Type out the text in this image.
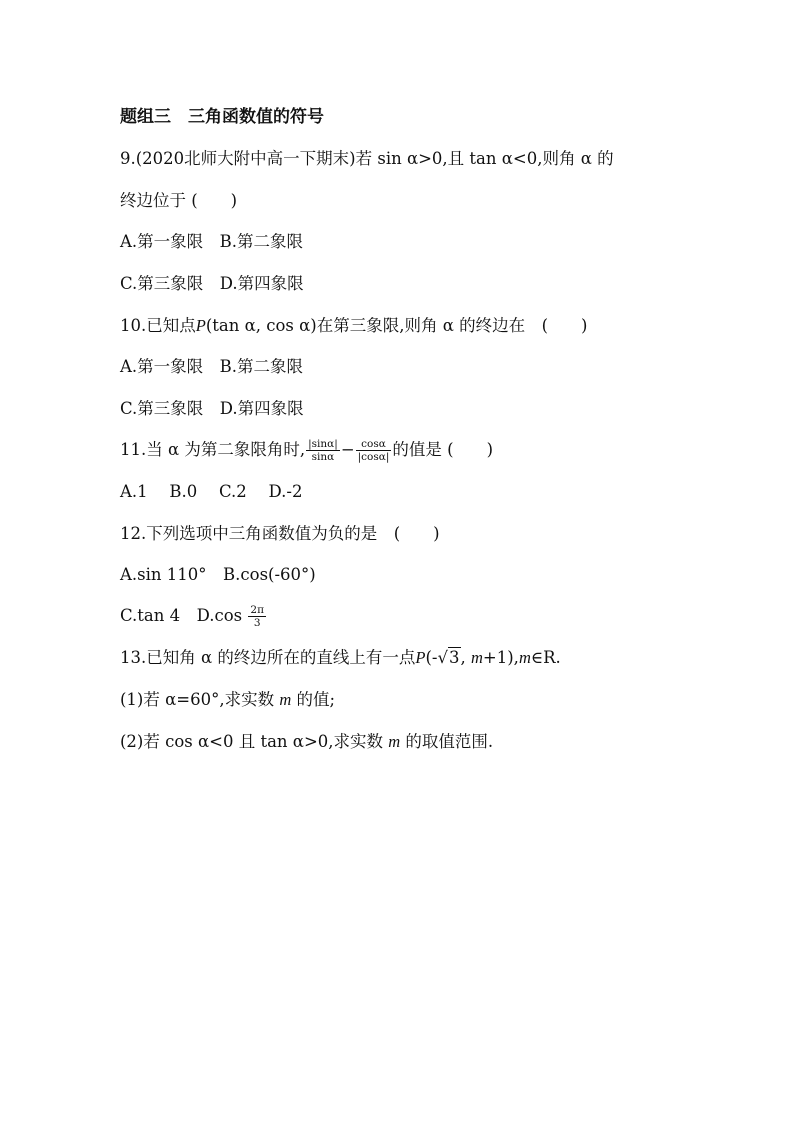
题组三　三角函数值的符号
9.(2020北师大附中高一下期末)若 sin α>0,且 tan α<0,则角 α 的
终边位于 (　　)
A.第一象限　B.第二象限
C.第三象限　D.第四象限
10.已知点P(tan α, cos α)在第三象限,则角 α 的终边在　(　　)
A.第一象限　B.第二象限
C.第三象限　D.第四象限
11.当 α 为第二象限角时, $\frac{|\sin\alpha|}{\sin\alpha} - \frac{\cos\alpha}{|\cos\alpha|}$ 的值是 (　　)
A.1　 B.0　 C.2　 D.-2
12.下列选项中三角函数值为负的是　(　　)
A.sin 110°　B.cos(-60°)
C.tan 4　$D.\cos \frac{2\pi}{3}$
13.已知角 α 的终边所在的直线上有一点P(-√3, m+1),m∈R.
(1)若 α=60°,求实数 m 的值;
(2)若 cos α<0 且 tan α>0,求实数 m 的取值范围.
